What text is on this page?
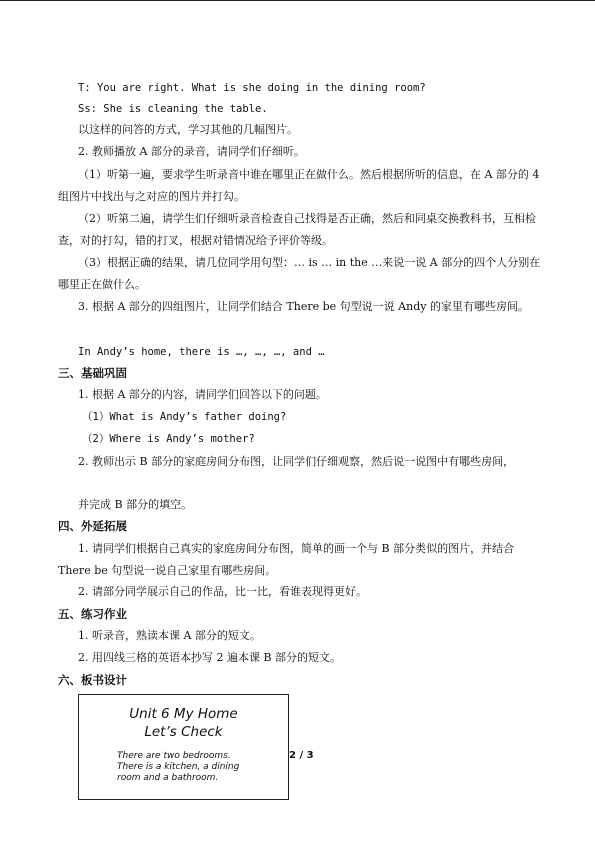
T: You are right. What is she doing in the dining room?
Ss: She is cleaning the table.
以这样的问答的方式，学习其他的几幅图片。
2. 教师播放 A 部分的录音，请同学们仔细听。
（1）听第一遍，要求学生听录音中谁在哪里正在做什么。然后根据所听的信息，在 A 部分的 4 组图片中找出与之对应的图片并打勾。
（2）听第二遍，请学生们仔细听录音检查自己找得是否正确，然后和同桌交换教科书，互相检查，对的打勾，错的打叉，根据对错情况给予评价等级。
（3）根据正确的结果，请几位同学用句型：… is … in the …来说一说 A 部分的四个人分别在哪里正在做什么。
3. 根据 A 部分的四组图片，让同学们结合 There be 句型说一说 Andy 的家里有哪些房间。
In Andy’s home, there is …, …, …, and …
三、基础巩固
1. 根据 A 部分的内容，请同学们回答以下的问题。
（1）What is Andy’s father doing?
（2）Where is Andy’s mother?
2. 教师出示 B 部分的家庭房间分布图，让同学们仔细观察，然后说一说图中有哪些房间，
并完成 B 部分的填空。
四、外延拓展
1. 请同学们根据自己真实的家庭房间分布图，简单的画一个与 B 部分类似的图片，并结合 There be 句型说一说自己家里有哪些房间。
2. 请部分同学展示自己的作品，比一比，看谁表现得更好。
五、练习作业
1. 听录音，熟读本课 A 部分的短文。
2. 用四线三格的英语本抄写 2 遍本课 B 部分的短文。
六、板书设计
Unit 6 My Home
Let’s Check
There are two bedrooms.
There is a kitchen, a dining
room and a bathroom.
2 / 3
